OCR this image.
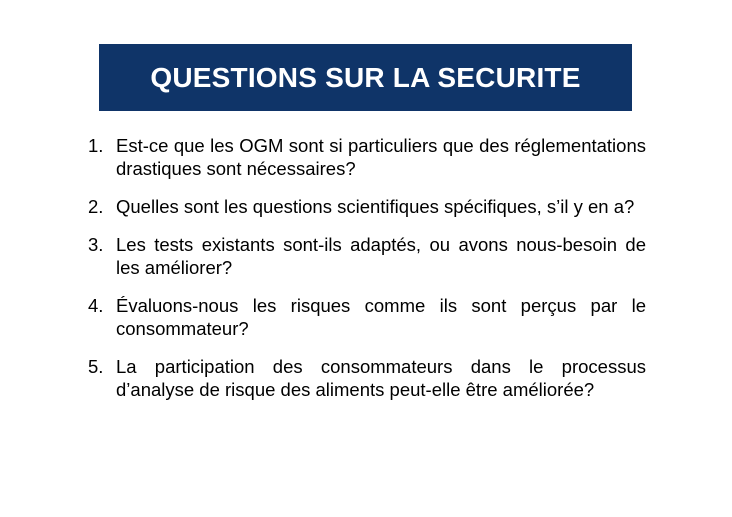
QUESTIONS SUR LA SECURITE
1. Est-ce que les OGM sont si particuliers que des réglementations drastiques sont nécessaires?
2. Quelles sont les questions scientifiques spécifiques, s’il y en a?
3. Les tests existants sont-ils adaptés, ou avons nous-besoin de les améliorer?
4. Évaluons-nous les risques comme ils sont perçus par le consommateur?
5. La participation des consommateurs dans le processus d’analyse de risque des aliments peut-elle être améliorée?
